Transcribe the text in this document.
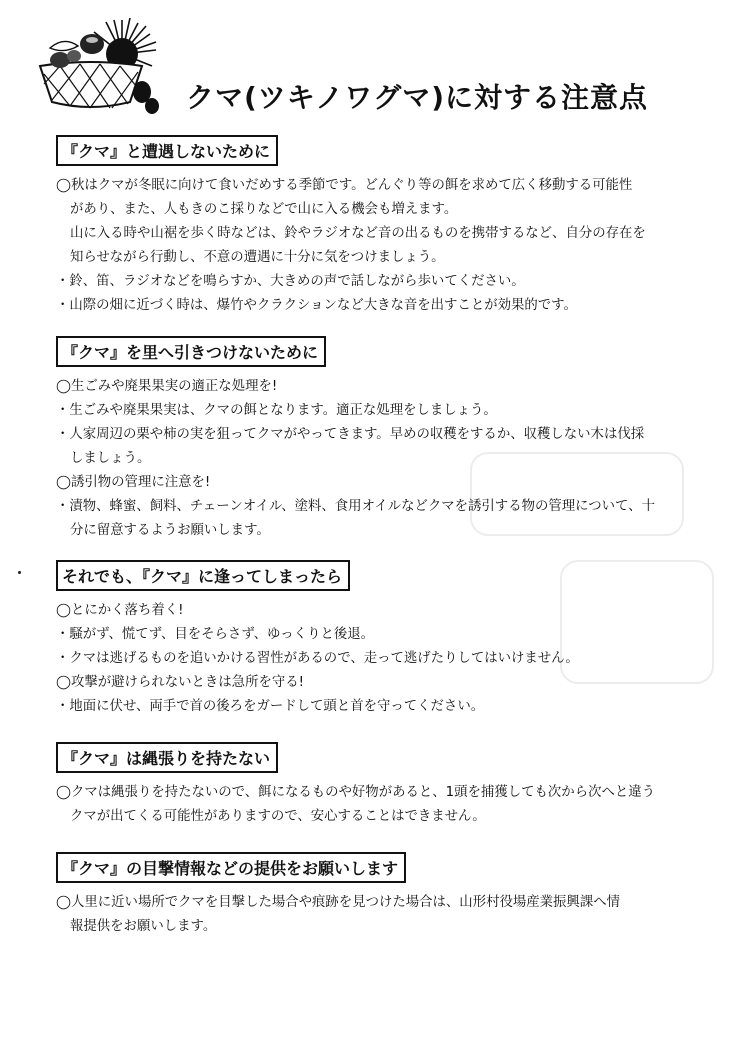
クマ(ツキノワグマ)に対する注意点
『クマ』と遭遇しないために
◯秋はクマが冬眠に向けて食いだめする季節です。どんぐり等の餌を求めて広く移動する可能性
があり、また、人もきのこ採りなどで山に入る機会も増えます。
山に入る時や山裾を歩く時などは、鈴やラジオなど音の出るものを携帯するなど、自分の存在を
知らせながら行動し、不意の遭遇に十分に気をつけましょう。
・鈴、笛、ラジオなどを鳴らすか、大きめの声で話しながら歩いてください。
・山際の畑に近づく時は、爆竹やクラクションなど大きな音を出すことが効果的です。
『クマ』を里へ引きつけないために
◯生ごみや廃果果実の適正な処理を!
・生ごみや廃果果実は、クマの餌となります。適正な処理をしましょう。
・人家周辺の栗や柿の実を狙ってクマがやってきます。早めの収穫をするか、収穫しない木は伐採
しましょう。
◯誘引物の管理に注意を!
・漬物、蜂蜜、飼料、チェーンオイル、塗料、食用オイルなどクマを誘引する物の管理について、十
分に留意するようお願いします。
それでも、『クマ』に逢ってしまったら
◯とにかく落ち着く!
・騒がず、慌てず、目をそらさず、ゆっくりと後退。
・クマは逃げるものを追いかける習性があるので、走って逃げたりしてはいけません。
◯攻撃が避けられないときは急所を守る!
・地面に伏せ、両手で首の後ろをガードして頭と首を守ってください。
『クマ』は縄張りを持たない
◯クマは縄張りを持たないので、餌になるものや好物があると、1頭を捕獲しても次から次へと違う
クマが出てくる可能性がありますので、安心することはできません。
『クマ』の目撃情報などの提供をお願いします
◯人里に近い場所でクマを目撃した場合や痕跡を見つけた場合は、山形村役場産業振興課へ情
報提供をお願いします。
